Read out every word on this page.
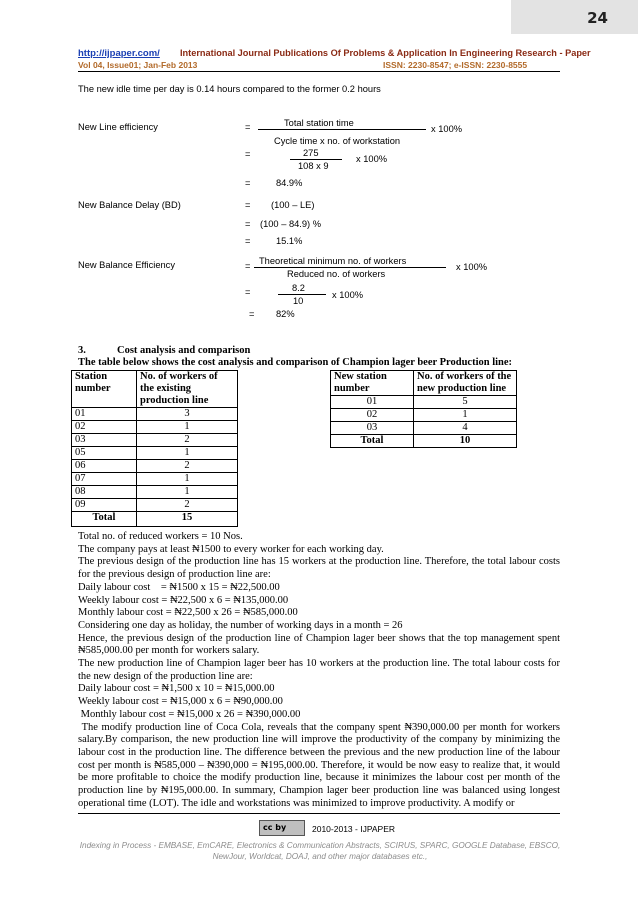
24
http://ijpaper.com/ International Journal Publications Of Problems & Application In Engineering Research - Paper
Vol 04, Issue01; Jan-Feb 2013	ISSN: 2230-8547; e-ISSN: 2230-8555
The new idle time per day is 0.14 hours compared to the former 0.2 hours
New Line efficiency	=	Total station time
x 100%
Cycle time x no. of workstation
=	275
x 100%
108 x 9
=	84.9%
New Balance Delay (BD)	= (100 – LE)
= (100 – 84.9) %
=	15.1%
New Balance Efficiency	= Theoretical minimum no. of workers
x 100%
Reduced no. of workers
=	8.2
x 100%
10
= 82%
3.	Cost analysis and comparison
The table below shows the cost analysis and comparison of Champion lager beer Production line:
Station number	No. of workers of the existing production line
01	3
02	1
03	2
05	1
06	2
07	1
08	1
09	2
Total	15
New station number	No. of workers of the new production line
01	5
02	1
03	4
Total	10

Total no. of reduced workers = 10 Nos.

The company pays at least ₦1500 to every worker for each working day.

The previous design of the production line has 15 workers at the production line. Therefore, the total labour costs for the previous design of production line are:

Daily labour cost    = ₦1500 x 15 = ₦22,500.00

Weekly labour cost = ₦22,500 x 6 = ₦135,000.00

Monthly labour cost = ₦22,500 x 26 = ₦585,000.00

Considering one day as holiday, the number of working days in a month = 26

Hence, the previous design of the production line of Champion lager beer shows that the top management spent ₦585,000.00 per month for workers salary.

The new production line of Champion lager beer has 10 workers at the production line. The total labour costs for the new design of the production line are:

Daily labour cost = ₦1,500 x 10 = ₦15,000.00

Weekly labour cost = ₦15,000 x 6 = ₦90,000.00

Monthly labour cost = ₦15,000 x 26 = ₦390,000.00

The modify production line of Coca Cola, reveals that the company spent ₦390,000.00 per month for workers salary.By comparison, the new production line will improve the productivity of the company by minimizing the labour cost in the production line. The difference between the previous and the new production line of the labour cost per month is ₦585,000 – ₦390,000 = ₦195,000.00. Therefore, it would be now easy to realize that, it would be more profitable to choice the modify production line, because it minimizes the labour cost per month of the production line by ₦195,000.00. In summary, Champion lager beer production line was balanced using longest operational time (LOT). The idle and workstations was minimized to improve productivity. A modify or

cc by	2010-2013 - IJPAPER
Indexing in Process - EMBASE, EmCARE, Electronics & Communication Abstracts, SCIRUS, SPARC, GOOGLE Database, EBSCO, NewJour, Worldcat, DOAJ, and other major databases etc.,
